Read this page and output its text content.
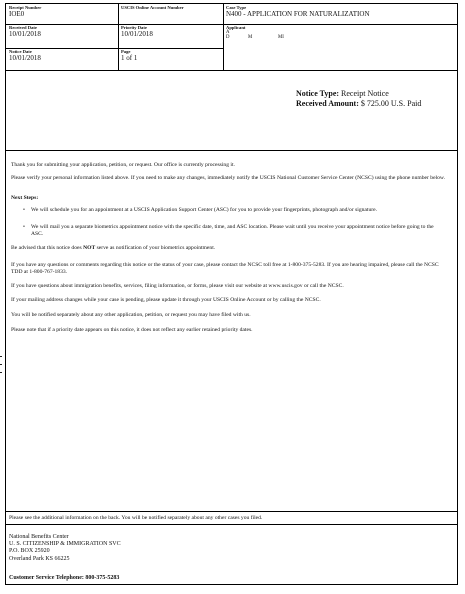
Receipt Number
IOE0
USCIS Online Account Number	Case Type
N400 - APPLICATION FOR NATURALIZATION
Received Date
10/01/2018
Priority Date
10/01/2018
Applicant
A
D	M	MI
Notice Date
10/01/2018
Page
1 of 1
Notice Type: Receipt Notice
Received Amount: $ 725.00 U.S. Paid

Thank you for submitting your application, petition, or request. Our office is currently processing it.

Please verify your personal information listed above. If you need to make any changes, immediately notify the USCIS National Customer Service Center (NCSC) using the phone number below.

Next Steps:

• We will schedule you for an appointment at a USCIS Application Support Center (ASC) for you to provide your fingerprints, photograph and/or signature.
• We will mail you a separate biometrics appointment notice with the specific date, time, and ASC location. Please wait until you receive your appointment notice before going to the ASC.

Be advised that this notice does NOT serve as notification of your biometrics appointment.

If you have any questions or comments regarding this notice or the status of your case, please contact the NCSC toll free at 1-800-375-5283. If you are hearing impaired, please call the NCSC TDD at 1-800-767-1833.

If you have questions about immigration benefits, services, filing information, or forms, please visit our website at www.uscis.gov or call the NCSC.

If your mailing address changes while your case is pending, please update it through your USCIS Online Account or by calling the NCSC.

You will be notified separately about any other application, petition, or request you may have filed with us.

Please note that if a priority date appears on this notice, it does not reflect any earlier retained priority dates.

Please see the additional information on the back. You will be notified separately about any other cases you filed.
National Benefits Center
U. S. CITIZENSHIP & IMMIGRATION SVC
P.O. BOX 25920
Overland Park KS 66225
Customer Service Telephone: 800-375-5283
